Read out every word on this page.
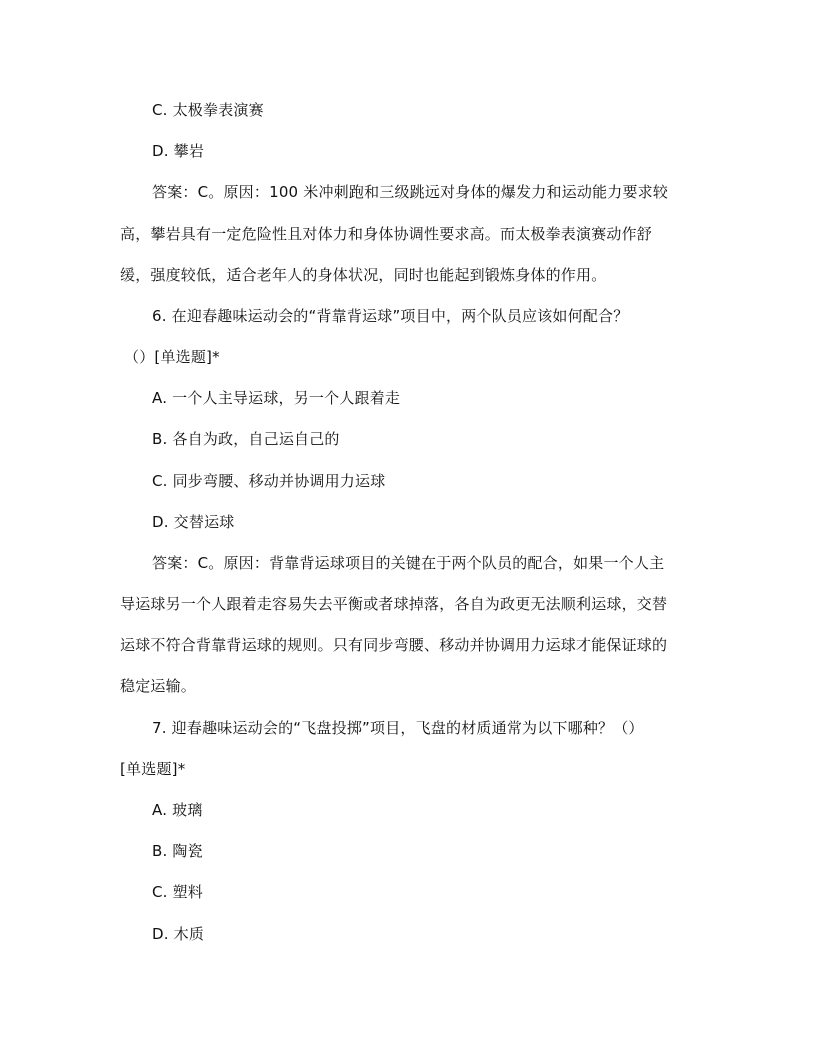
C. 太极拳表演赛
D. 攀岩
答案：C。原因：100 米冲刺跑和三级跳远对身体的爆发力和运动能力要求较
高，攀岩具有一定危险性且对体力和身体协调性要求高。而太极拳表演赛动作舒
缓，强度较低，适合老年人的身体状况，同时也能起到锻炼身体的作用。
6. 在迎春趣味运动会的“背靠背运球”项目中，两个队员应该如何配合？
（）[单选题]*
A. 一个人主导运球，另一个人跟着走
B. 各自为政，自己运自己的
C. 同步弯腰、移动并协调用力运球
D. 交替运球
答案：C。原因：背靠背运球项目的关键在于两个队员的配合，如果一个人主
导运球另一个人跟着走容易失去平衡或者球掉落，各自为政更无法顺利运球，交替
运球不符合背靠背运球的规则。只有同步弯腰、移动并协调用力运球才能保证球的
稳定运输。
7. 迎春趣味运动会的“飞盘投掷”项目，飞盘的材质通常为以下哪种？（）
[单选题]*
A. 玻璃
B. 陶瓷
C. 塑料
D. 木质
